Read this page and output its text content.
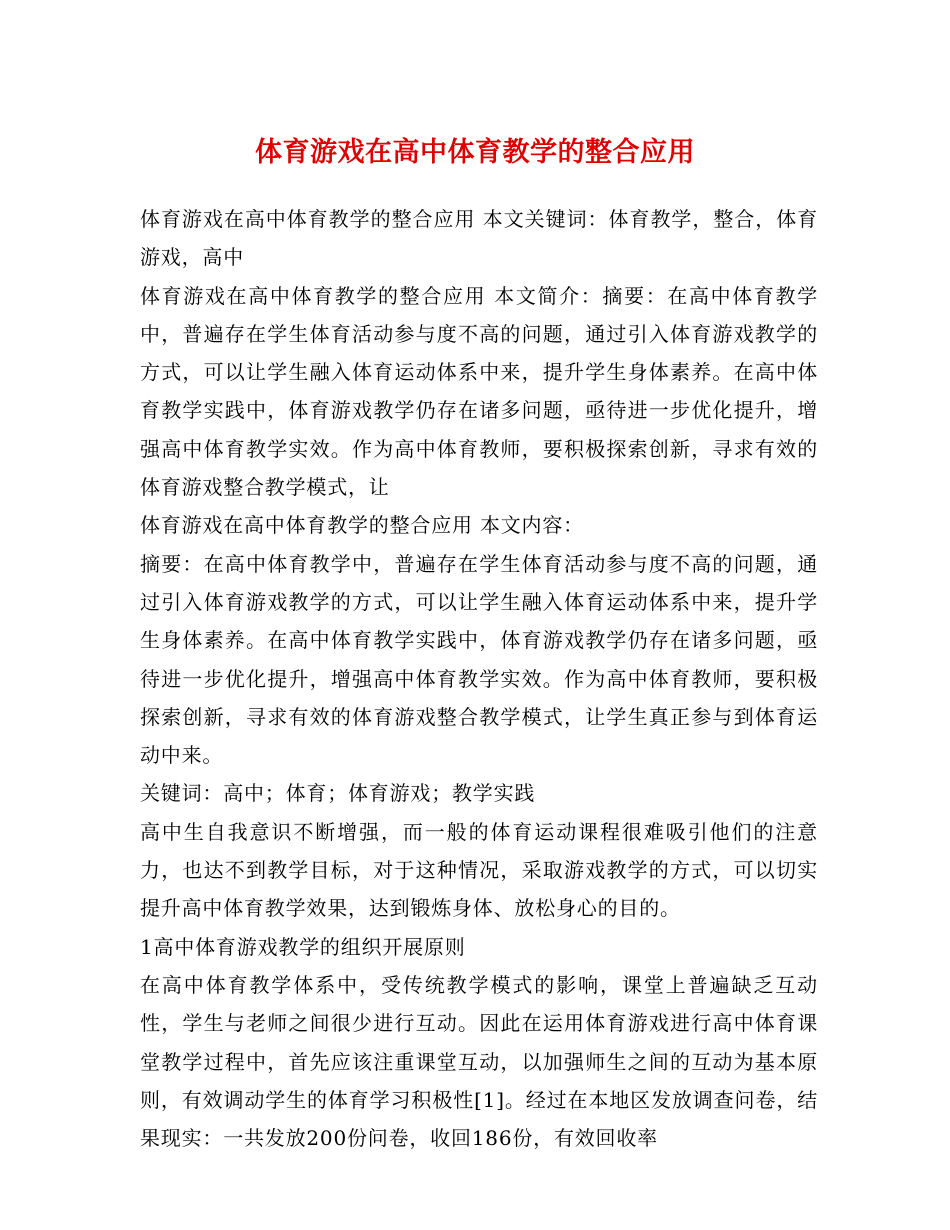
体育游戏在高中体育教学的整合应用

体育游戏在高中体育教学的整合应用 本文关键词：体育教学，整合，体育游戏，高中

体育游戏在高中体育教学的整合应用 本文简介：摘要：在高中体育教学中，普遍存在学生体育活动参与度不高的问题，通过引入体育游戏教学的方式，可以让学生融入体育运动体系中来，提升学生身体素养。在高中体育教学实践中，体育游戏教学仍存在诸多问题，亟待进一步优化提升，增强高中体育教学实效。作为高中体育教师，要积极探索创新，寻求有效的体育游戏整合教学模式，让

体育游戏在高中体育教学的整合应用 本文内容：

摘要：在高中体育教学中，普遍存在学生体育活动参与度不高的问题，通过引入体育游戏教学的方式，可以让学生融入体育运动体系中来，提升学生身体素养。在高中体育教学实践中，体育游戏教学仍存在诸多问题，亟待进一步优化提升，增强高中体育教学实效。作为高中体育教师，要积极探索创新，寻求有效的体育游戏整合教学模式，让学生真正参与到体育运动中来。

关键词：高中；体育；体育游戏；教学实践

高中生自我意识不断增强，而一般的体育运动课程很难吸引他们的注意力，也达不到教学目标，对于这种情况，采取游戏教学的方式，可以切实提升高中体育教学效果，达到锻炼身体、放松身心的目的。

1高中体育游戏教学的组织开展原则

在高中体育教学体系中，受传统教学模式的影响，课堂上普遍缺乏互动性，学生与老师之间很少进行互动。因此在运用体育游戏进行高中体育课堂教学过程中，首先应该注重课堂互动，以加强师生之间的互动为基本原则，有效调动学生的体育学习积极性[1]。经过在本地区发放调查问卷，结果现实：一共发放200份问卷，收回186份，有效回收率
